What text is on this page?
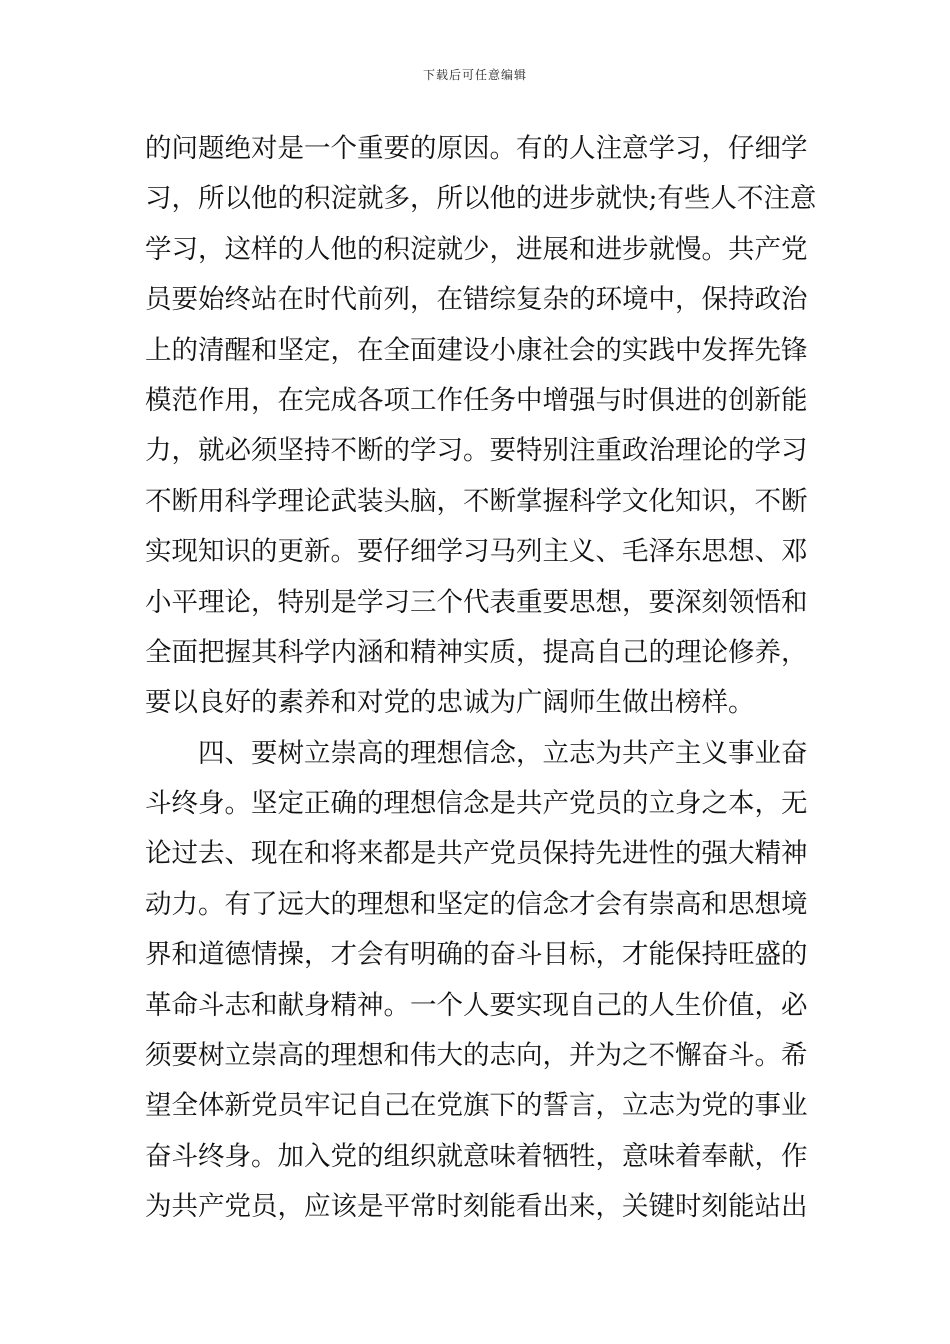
下载后可任意编辑
的问题绝对是一个重要的原因。有的人注意学习，仔细学
习，所以他的积淀就多，所以他的进步就快;有些人不注意
学习，这样的人他的积淀就少，进展和进步就慢。共产党
员要始终站在时代前列，在错综复杂的环境中，保持政治
上的清醒和坚定，在全面建设小康社会的实践中发挥先锋
模范作用，在完成各项工作任务中增强与时俱进的创新能
力，就必须坚持不断的学习。要特别注重政治理论的学习
不断用科学理论武装头脑，不断掌握科学文化知识，不断
实现知识的更新。要仔细学习马列主义、毛泽东思想、邓
小平理论，特别是学习三个代表重要思想，要深刻领悟和
全面把握其科学内涵和精神实质，提高自己的理论修养，
要以良好的素养和对党的忠诚为广阔师生做出榜样。
　　四、要树立崇高的理想信念，立志为共产主义事业奋
斗终身。坚定正确的理想信念是共产党员的立身之本，无
论过去、现在和将来都是共产党员保持先进性的强大精神
动力。有了远大的理想和坚定的信念才会有崇高和思想境
界和道德情操，才会有明确的奋斗目标，才能保持旺盛的
革命斗志和献身精神。一个人要实现自己的人生价值，必
须要树立崇高的理想和伟大的志向，并为之不懈奋斗。希
望全体新党员牢记自己在党旗下的誓言，立志为党的事业
奋斗终身。加入党的组织就意味着牺牲，意味着奉献，作
为共产党员，应该是平常时刻能看出来，关键时刻能站出
